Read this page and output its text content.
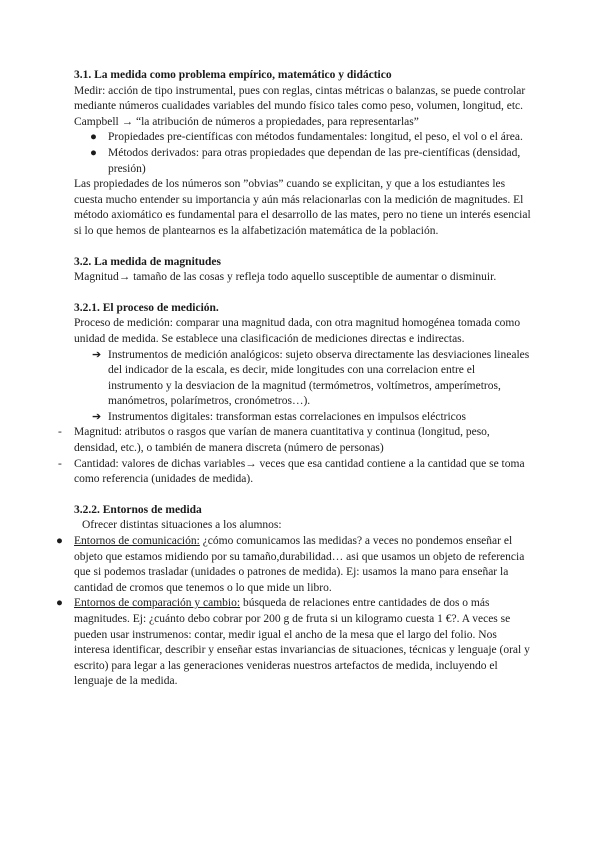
3.1. La medida como problema empírico, matemático y didáctico

Medir: acción de tipo instrumental, pues con reglas, cintas métricas o balanzas, se puede controlar mediante números cualidades variables del mundo físico tales como peso, volumen, longitud, etc.

Campbell → “la atribución de números a propiedades, para representarlas”

● Propiedades pre-científicas con métodos fundamentales: longitud, el peso, el vol o el área.
● Métodos derivados: para otras propiedades que dependan de las pre-científicas (densidad, presión)

Las propiedades de los números son ”obvias” cuando se explicitan, y que a los estudiantes les cuesta mucho entender su importancia y aún más relacionarlas con la medición de magnitudes. El método axiomático es fundamental para el desarrollo de las mates, pero no tiene un interés esencial si lo que hemos de plantearnos es la alfabetización matemática de la población.

3.2. La medida de magnitudes

Magnitud→ tamaño de las cosas y refleja todo aquello susceptible de aumentar o disminuir.

3.2.1. El proceso de medición.

Proceso de medición: comparar una magnitud dada, con otra magnitud homogénea tomada como unidad de medida. Se establece una clasificación de mediciones directas e indirectas.

➔ Instrumentos de medición analógicos: sujeto observa directamente las desviaciones lineales del indicador de la escala, es decir, mide longitudes con una correlacion entre el instrumento y la desviacion de la magnitud (termómetros, voltímetros, amperímetros, manómetros, polarímetros, cronómetros…).
➔ Instrumentos digitales: transforman estas correlaciones en impulsos eléctricos
- Magnitud: atributos o rasgos que varían de manera cuantitativa y continua (longitud, peso, densidad, etc.), o también de manera discreta (número de personas)
- Cantidad: valores de dichas variables→ veces que esa cantidad contiene a la cantidad que se toma como referencia (unidades de medida).

3.2.2. Entornos de medida

Ofrecer distintas situaciones a los alumnos:

● Entornos de comunicación: ¿cómo comunicamos las medidas? a veces no pondemos enseñar el objeto que estamos midiendo por su tamaño,durabilidad… asi que usamos un objeto de referencia que si podemos trasladar (unidades o patrones de medida). Ej: usamos la mano para enseñar la cantidad de cromos que tenemos o lo que mide un libro.
● Entornos de comparación y cambio: búsqueda de relaciones entre cantidades de dos o más magnitudes. Ej: ¿cuánto debo cobrar por 200 g de fruta si un kilogramo cuesta 1 €?. A veces se pueden usar instrumenos: contar, medir igual el ancho de la mesa que el largo del folio. Nos interesa identificar, describir y enseñar estas invariancias de situaciones, técnicas y lenguaje (oral y escrito) para legar a las generaciones venideras nuestros artefactos de medida, incluyendo el lenguaje de la medida.
